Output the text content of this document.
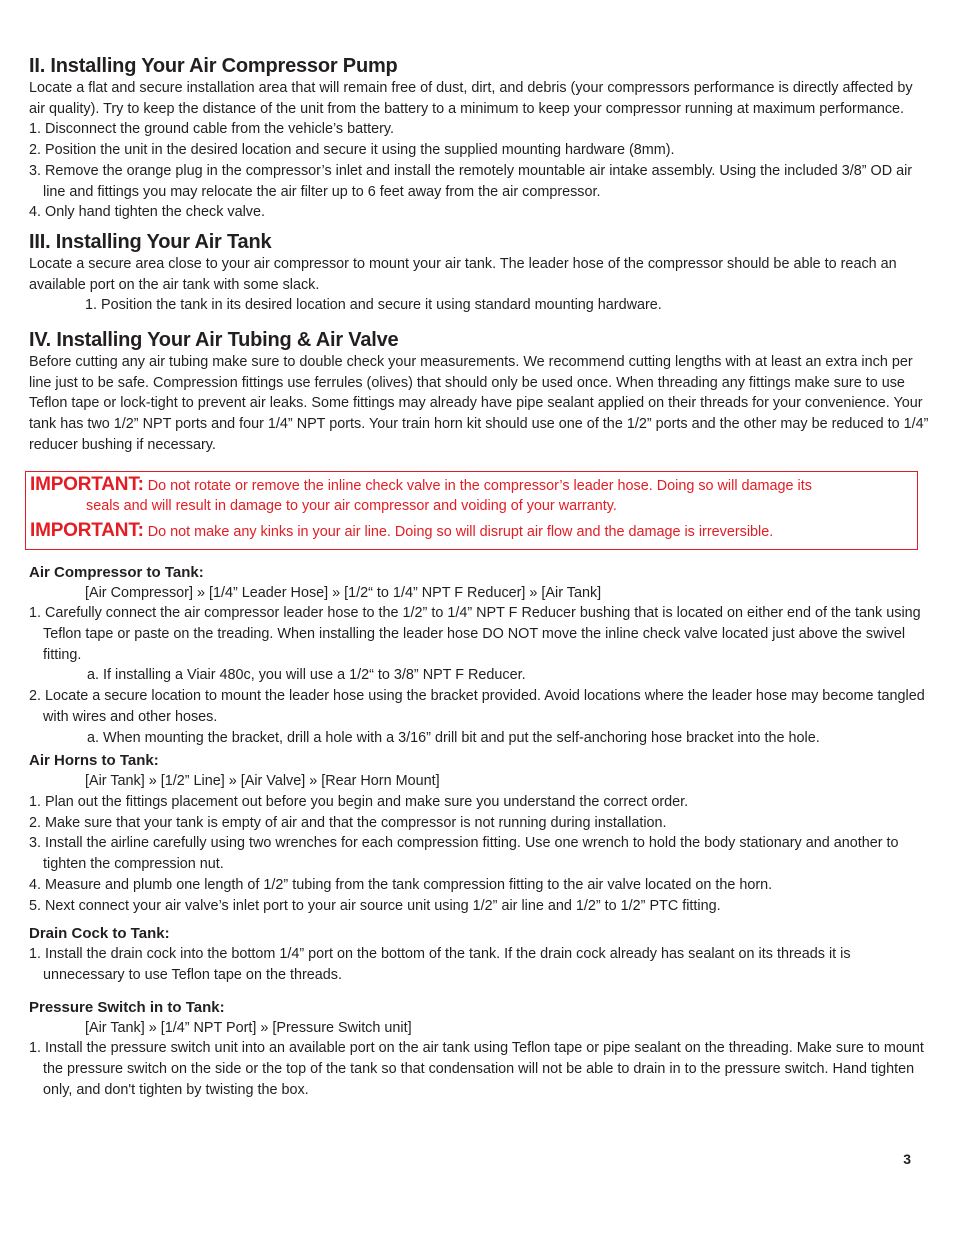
II. Installing Your Air Compressor Pump

Locate a flat and secure installation area that will remain free of dust, dirt, and debris (your compressors performance is directly affected by air quality). Try to keep the distance of the unit from the battery to a minimum to keep your compressor running at maximum performance.

1. Disconnect the ground cable from the vehicle’s battery.

2. Position the unit in the desired location and secure it using the supplied mounting hardware (8mm).

3. Remove the orange plug in the compressor’s inlet and install the remotely mountable air intake assembly. Using the included 3/8” OD air line and fittings you may relocate the air filter up to 6 feet away from the air compressor.

4. Only hand tighten the check valve.

III. Installing Your Air Tank

Locate a secure area close to your air compressor to mount your air tank. The leader hose of the compressor should be able to reach an available port on the air tank with some slack.

1. Position the tank in its desired location and secure it using standard mounting hardware.

IV. Installing Your Air Tubing & Air Valve

Before cutting any air tubing make sure to double check your measurements. We recommend cutting lengths with at least an extra inch per line just to be safe. Compression fittings use ferrules (olives) that should only be used once. When threading any fittings make sure to use Teflon tape or lock-tight to prevent air leaks. Some fittings may already have pipe sealant applied on their threads for your convenience. Your tank has two 1/2” NPT ports and four 1/4” NPT ports. Your train horn kit should use one of the 1/2” ports and the other may be reduced to 1/4” reducer bushing if necessary.

IMPORTANT: Do not rotate or remove the inline check valve in the compressor’s leader hose. Doing so will damage its
seals and will result in damage to your air compressor and voiding of your warranty.
IMPORTANT: Do not make any kinks in your air line. Doing so will disrupt air flow and the damage is irreversible.
Air Compressor to Tank:

[Air Compressor] » [1/4” Leader Hose] » [1/2“ to 1/4” NPT F Reducer] » [Air Tank]

1. Carefully connect the air compressor leader hose to the 1/2” to 1/4” NPT F Reducer bushing that is located on either end of the tank using Teflon tape or paste on the treading. When installing the leader hose DO NOT move the inline check valve located just above the swivel fitting.

a. If installing a Viair 480c, you will use a 1/2“ to 3/8” NPT F Reducer.

2. Locate a secure location to mount the leader hose using the bracket provided. Avoid locations where the leader hose may become tangled with wires and other hoses.

a. When mounting the bracket, drill a hole with a 3/16” drill bit and put the self-anchoring hose bracket into the hole.

Air Horns to Tank:

[Air Tank] » [1/2” Line] » [Air Valve] » [Rear Horn Mount]

1. Plan out the fittings placement out before you begin and make sure you understand the correct order.

2. Make sure that your tank is empty of air and that the compressor is not running during installation.

3. Install the airline carefully using two wrenches for each compression fitting. Use one wrench to hold the body stationary and another to tighten the compression nut.

4. Measure and plumb one length of 1/2” tubing from the tank compression fitting to the air valve located on the horn.

5. Next connect your air valve’s inlet port to your air source unit using 1/2” air line and 1/2” to 1/2” PTC fitting.

Drain Cock to Tank:

1. Install the drain cock into the bottom 1/4” port on the bottom of the tank. If the drain cock already has sealant on its threads it is unnecessary to use Teflon tape on the threads.

Pressure Switch in to Tank:

[Air Tank] » [1/4” NPT Port] » [Pressure Switch unit]

1. Install the pressure switch unit into an available port on the air tank using Teflon tape or pipe sealant on the threading. Make sure to mount the pressure switch on the side or the top of the tank so that condensation will not be able to drain in to the pressure switch. Hand tighten only, and don't tighten by twisting the box.

3
